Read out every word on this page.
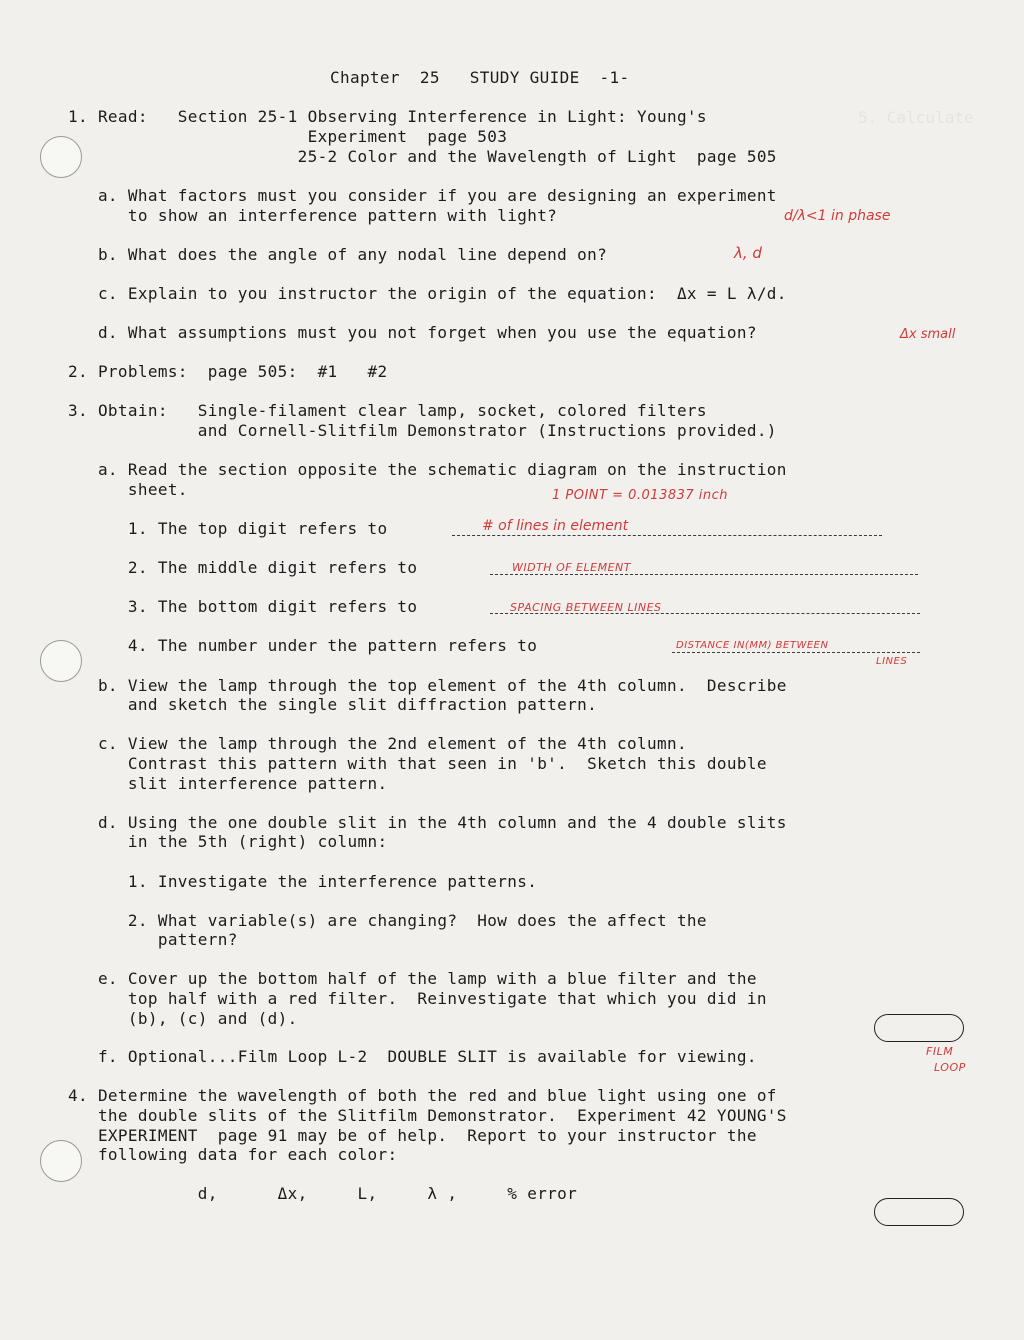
5. Calculate
Chapter  25   STUDY GUIDE  -1-
1. Read:   Section 25-1 Observing Interference in Light: Young's
Experiment  page 503
25-2 Color and the Wavelength of Light  page 505
a. What factors must you consider if you are designing an experiment
to show an interference pattern with light?
b. What does the angle of any nodal line depend on?
c. Explain to you instructor the origin of the equation:  Δx = L λ/d.
d. What assumptions must you not forget when you use the equation?
2. Problems:  page 505:  #1   #2
3. Obtain:   Single-filament clear lamp, socket, colored filters
and Cornell-Slitfilm Demonstrator (Instructions provided.)
a. Read the section opposite the schematic diagram on the instruction
sheet.
1. The top digit refers to
2. The middle digit refers to
3. The bottom digit refers to
4. The number under the pattern refers to
b. View the lamp through the top element of the 4th column.  Describe
and sketch the single slit diffraction pattern.
c. View the lamp through the 2nd element of the 4th column.
Contrast this pattern with that seen in 'b'.  Sketch this double
slit interference pattern.
d. Using the one double slit in the 4th column and the 4 double slits
in the 5th (right) column:
1. Investigate the interference patterns.
2. What variable(s) are changing?  How does the affect the
pattern?
e. Cover up the bottom half of the lamp with a blue filter and the
top half with a red filter.  Reinvestigate that which you did in
(b), (c) and (d).
f. Optional...Film Loop L-2  DOUBLE SLIT is available for viewing.
4. Determine the wavelength of both the red and blue light using one of
the double slits of the Slitfilm Demonstrator.  Experiment 42 YOUNG'S
EXPERIMENT  page 91 may be of help.  Report to your instructor the
following data for each color:
d,      Δx,     L,     λ ,     % error
d/λ<1 in phase
λ, d
Δx small
1 POINT = 0.013837 inch
# of lines in element
WIDTH OF ELEMENT
SPACING BETWEEN LINES
DISTANCE IN(MM) BETWEEN
LINES
FILM
LOOP
